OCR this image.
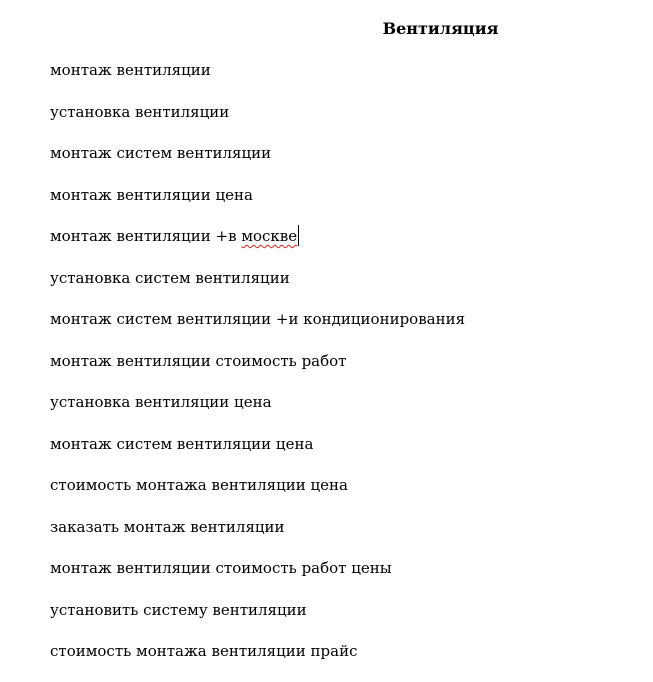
Вентиляция
монтаж вентиляции
установка вентиляции
монтаж систем вентиляции
монтаж вентиляции цена
монтаж вентиляции +в москве
установка систем вентиляции
монтаж систем вентиляции +и кондиционирования
монтаж вентиляции стоимость работ
установка вентиляции цена
монтаж систем вентиляции цена
стоимость монтажа вентиляции цена
заказать монтаж вентиляции
монтаж вентиляции стоимость работ цены
установить систему вентиляции
стоимость монтажа вентиляции прайс
